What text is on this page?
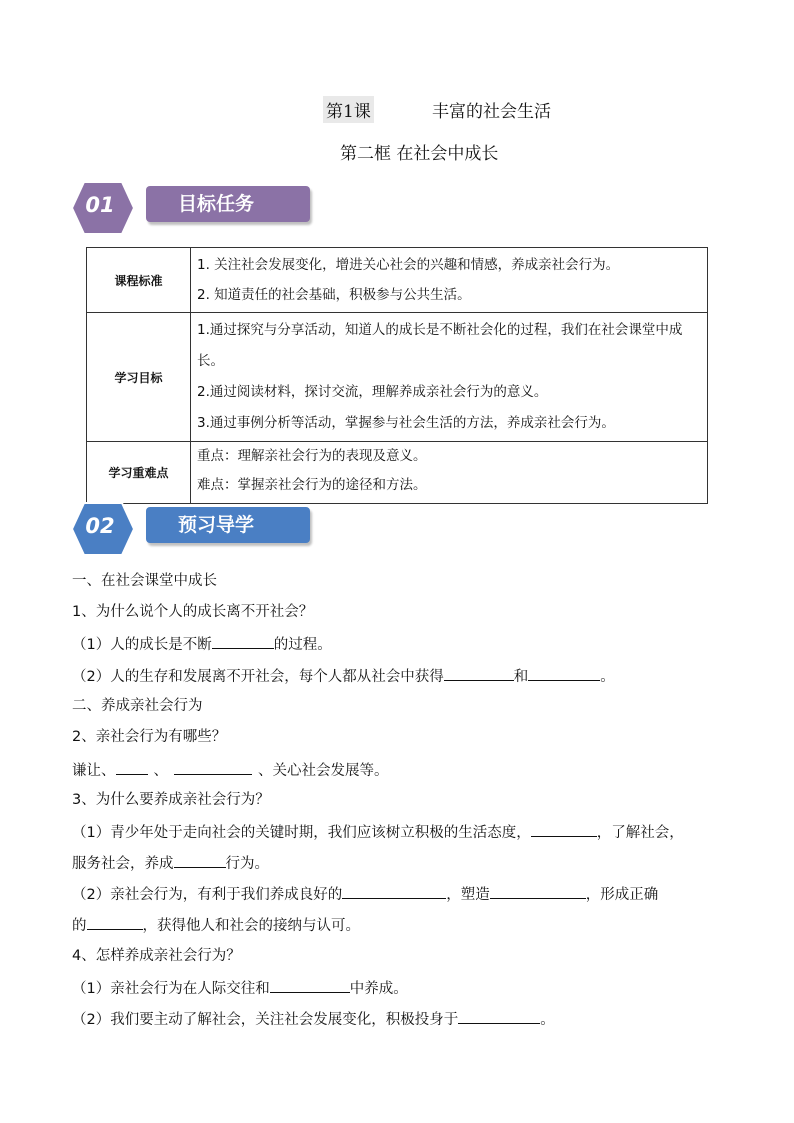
第1课	丰富的社会生活
第二框 在社会中成长
01	目标任务
课程标准	1. 关注社会发展变化，增进关心社会的兴趣和情感，养成亲社会行为。
2. 知道责任的社会基础，积极参与公共生活。

学习目标	1.通过探究与分享活动，知道人的成长是不断社会化的过程，我们在社会课堂中成长。
2.通过阅读材料，探讨交流，理解养成亲社会行为的意义。
3.通过事例分析等活动，掌握参与社会生活的方法，养成亲社会行为。

学习重难点	重点：理解亲社会行为的表现及意义。
难点：掌握亲社会行为的途径和方法。
02	预习导学
一、在社会课堂中成长
1、为什么说个人的成长离不开社会？
（1）人的成长是不断	的过程。
（2）人的生存和发展离不开社会，每个人都从社会中获得	和	。
二、养成亲社会行为
2、亲社会行为有哪些？
谦让、	、	、关心社会发展等。
3、为什么要养成亲社会行为？
（1）青少年处于走向社会的关键时期，我们应该树立积极的生活态度，	，了解社会，
服务社会，养成	行为。
（2）亲社会行为，有利于我们养成良好的	，塑造	，形成正确
的	，获得他人和社会的接纳与认可。
4、怎样养成亲社会行为？
（1）亲社会行为在人际交往和	中养成。
（2）我们要主动了解社会，关注社会发展变化，积极投身于	。
